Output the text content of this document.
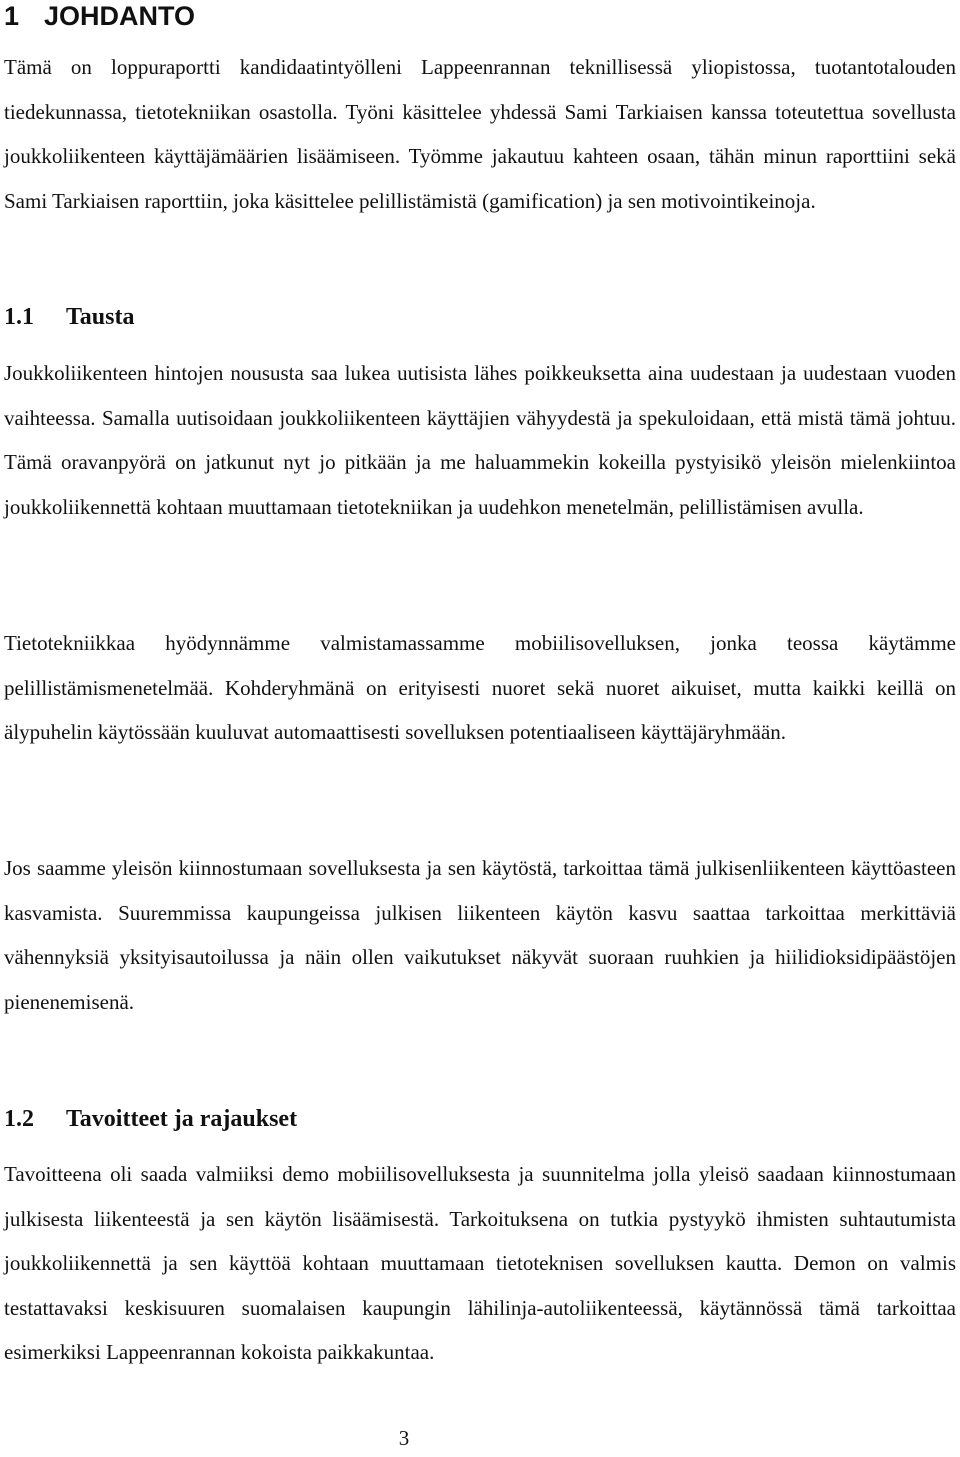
1 JOHDANTO

Tämä on loppuraportti kandidaatintyölleni Lappeenrannan teknillisessä yliopistossa, tuotantotalouden tiedekunnassa, tietotekniikan osastolla. Työni käsittelee yhdessä Sami Tarkiaisen kanssa toteutettua sovellusta joukkoliikenteen käyttäjämäärien lisäämiseen. Työmme jakautuu kahteen osaan, tähän minun raporttiini sekä Sami Tarkiaisen raporttiin, joka käsittelee pelillistämistä (gamification) ja sen motivointikeinoja.

1.1 Tausta

Joukkoliikenteen hintojen noususta saa lukea uutisista lähes poikkeuksetta aina uudestaan ja uudestaan vuoden vaihteessa. Samalla uutisoidaan joukkoliikenteen käyttäjien vähyydestä ja spekuloidaan, että mistä tämä johtuu. Tämä oravanpyörä on jatkunut nyt jo pitkään ja me haluammekin kokeilla pystyisikö yleisön mielenkiintoa joukkoliikennettä kohtaan muuttamaan tietotekniikan ja uudehkon menetelmän, pelillistämisen avulla.

Tietotekniikkaa hyödynnämme valmistamassamme mobiilisovelluksen, jonka teossa käytämme pelillistämismenetelmää. Kohderyhmänä on erityisesti nuoret sekä nuoret aikuiset, mutta kaikki keillä on älypuhelin käytössään kuuluvat automaattisesti sovelluksen potentiaaliseen käyttäjäryhmään.

Jos saamme yleisön kiinnostumaan sovelluksesta ja sen käytöstä, tarkoittaa tämä julkisenliikenteen käyttöasteen kasvamista. Suuremmissa kaupungeissa julkisen liikenteen käytön kasvu saattaa tarkoittaa merkittäviä vähennyksiä yksityisautoilussa ja näin ollen vaikutukset näkyvät suoraan ruuhkien ja hiilidioksidipäästöjen pienenemisenä.

1.2 Tavoitteet ja rajaukset

Tavoitteena oli saada valmiiksi demo mobiilisovelluksesta ja suunnitelma jolla yleisö saadaan kiinnostumaan julkisesta liikenteestä ja sen käytön lisäämisestä. Tarkoituksena on tutkia pystyykö ihmisten suhtautumista joukkoliikennettä ja sen käyttöä kohtaan muuttamaan tietoteknisen sovelluksen kautta. Demon on valmis testattavaksi keskisuuren suomalaisen kaupungin lähilinja-autoliikenteessä, käytännössä tämä tarkoittaa esimerkiksi Lappeenrannan kokoista paikkakuntaa.

3
